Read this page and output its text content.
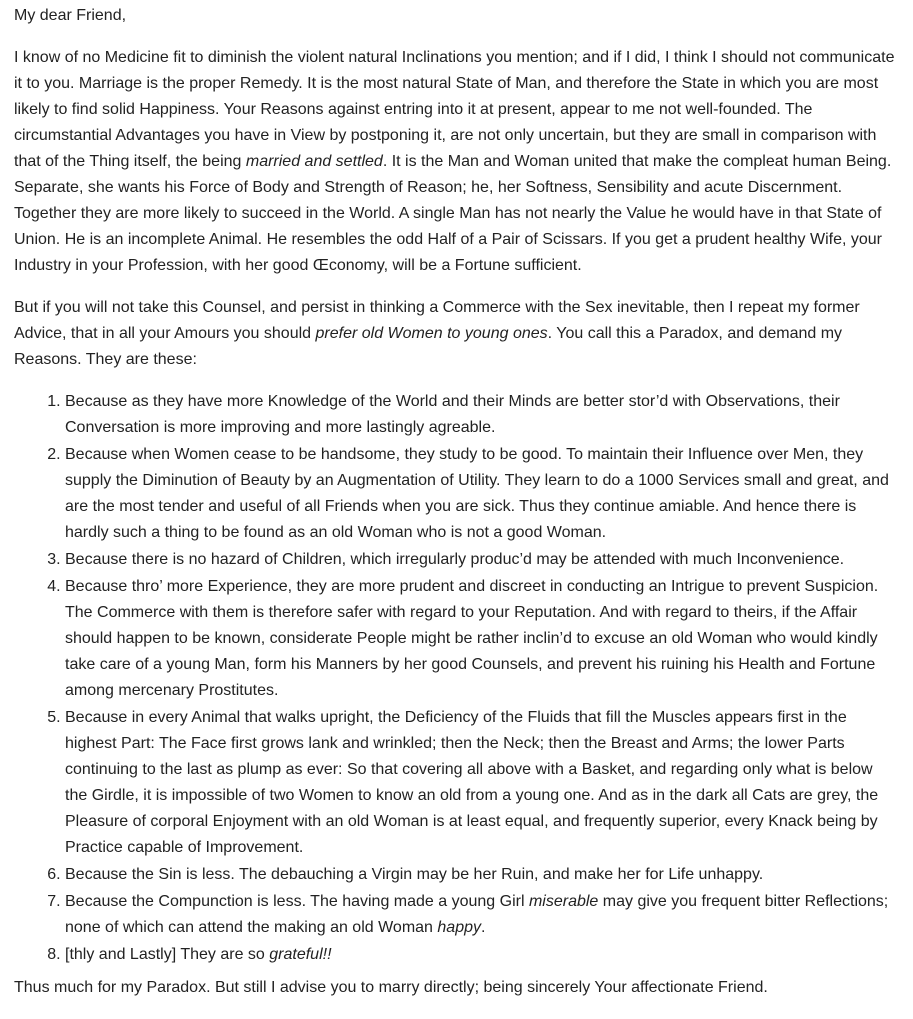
My dear Friend,

I know of no Medicine fit to diminish the violent natural Inclinations you mention; and if I did, I think I should not communicate it to you. Marriage is the proper Remedy. It is the most natural State of Man, and therefore the State in which you are most likely to find solid Happiness. Your Reasons against entring into it at present, appear to me not well-founded. The circumstantial Advantages you have in View by postponing it, are not only uncertain, but they are small in comparison with that of the Thing itself, the being married and settled. It is the Man and Woman united that make the compleat human Being. Separate, she wants his Force of Body and Strength of Reason; he, her Softness, Sensibility and acute Discernment. Together they are more likely to succeed in the World. A single Man has not nearly the Value he would have in that State of Union. He is an incomplete Animal. He resembles the odd Half of a Pair of Scissars. If you get a prudent healthy Wife, your Industry in your Profession, with her good Œconomy, will be a Fortune sufficient.

But if you will not take this Counsel, and persist in thinking a Commerce with the Sex inevitable, then I repeat my former Advice, that in all your Amours you should prefer old Women to young ones. You call this a Paradox, and demand my Reasons. They are these:

1. Because as they have more Knowledge of the World and their Minds are better stor’d with Observations, their Conversation is more improving and more lastingly agreable.
2. Because when Women cease to be handsome, they study to be good. To maintain their Influence over Men, they supply the Diminution of Beauty by an Augmentation of Utility. They learn to do a 1000 Services small and great, and are the most tender and useful of all Friends when you are sick. Thus they continue amiable. And hence there is hardly such a thing to be found as an old Woman who is not a good Woman.
3. Because there is no hazard of Children, which irregularly produc’d may be attended with much Inconvenience.
4. Because thro’ more Experience, they are more prudent and discreet in conducting an Intrigue to prevent Suspicion. The Commerce with them is therefore safer with regard to your Reputation. And with regard to theirs, if the Affair should happen to be known, considerate People might be rather inclin’d to excuse an old Woman who would kindly take care of a young Man, form his Manners by her good Counsels, and prevent his ruining his Health and Fortune among mercenary Prostitutes.
5. Because in every Animal that walks upright, the Deficiency of the Fluids that fill the Muscles appears first in the highest Part: The Face first grows lank and wrinkled; then the Neck; then the Breast and Arms; the lower Parts continuing to the last as plump as ever: So that covering all above with a Basket, and regarding only what is below the Girdle, it is impossible of two Women to know an old from a young one. And as in the dark all Cats are grey, the Pleasure of corporal Enjoyment with an old Woman is at least equal, and frequently superior, every Knack being by Practice capable of Improvement.
6. Because the Sin is less. The debauching a Virgin may be her Ruin, and make her for Life unhappy.
7. Because the Compunction is less. The having made a young Girl miserable may give you frequent bitter Reflections; none of which can attend the making an old Woman happy.
8. [thly and Lastly] They are so grateful!!

Thus much for my Paradox. But still I advise you to marry directly; being sincerely Your affectionate Friend.
